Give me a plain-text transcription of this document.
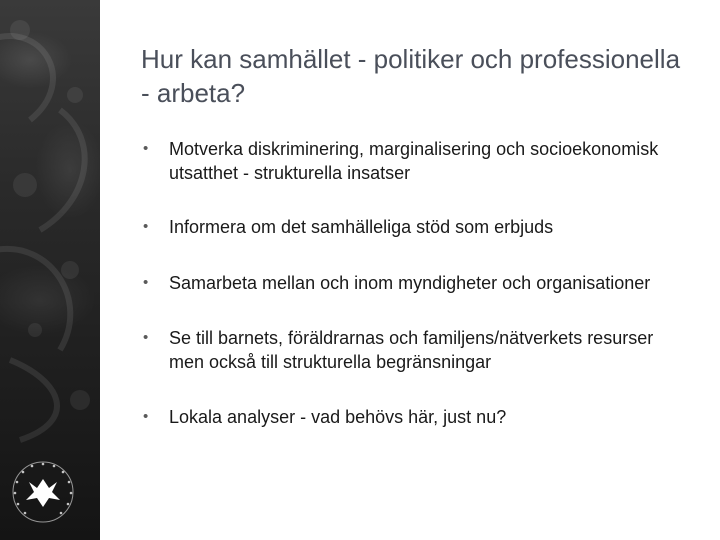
Hur kan samhället - politiker och professionella - arbeta?
• Motverka diskriminering, marginalisering och socioekonomisk utsatthet - strukturella insatser
• Informera om det samhälleliga stöd som erbjuds
• Samarbeta mellan och inom myndigheter och organisationer
• Se till barnets, föräldrarnas och familjens/nätverkets resurser men också till strukturella begränsningar
• Lokala analyser - vad behövs här, just nu?
